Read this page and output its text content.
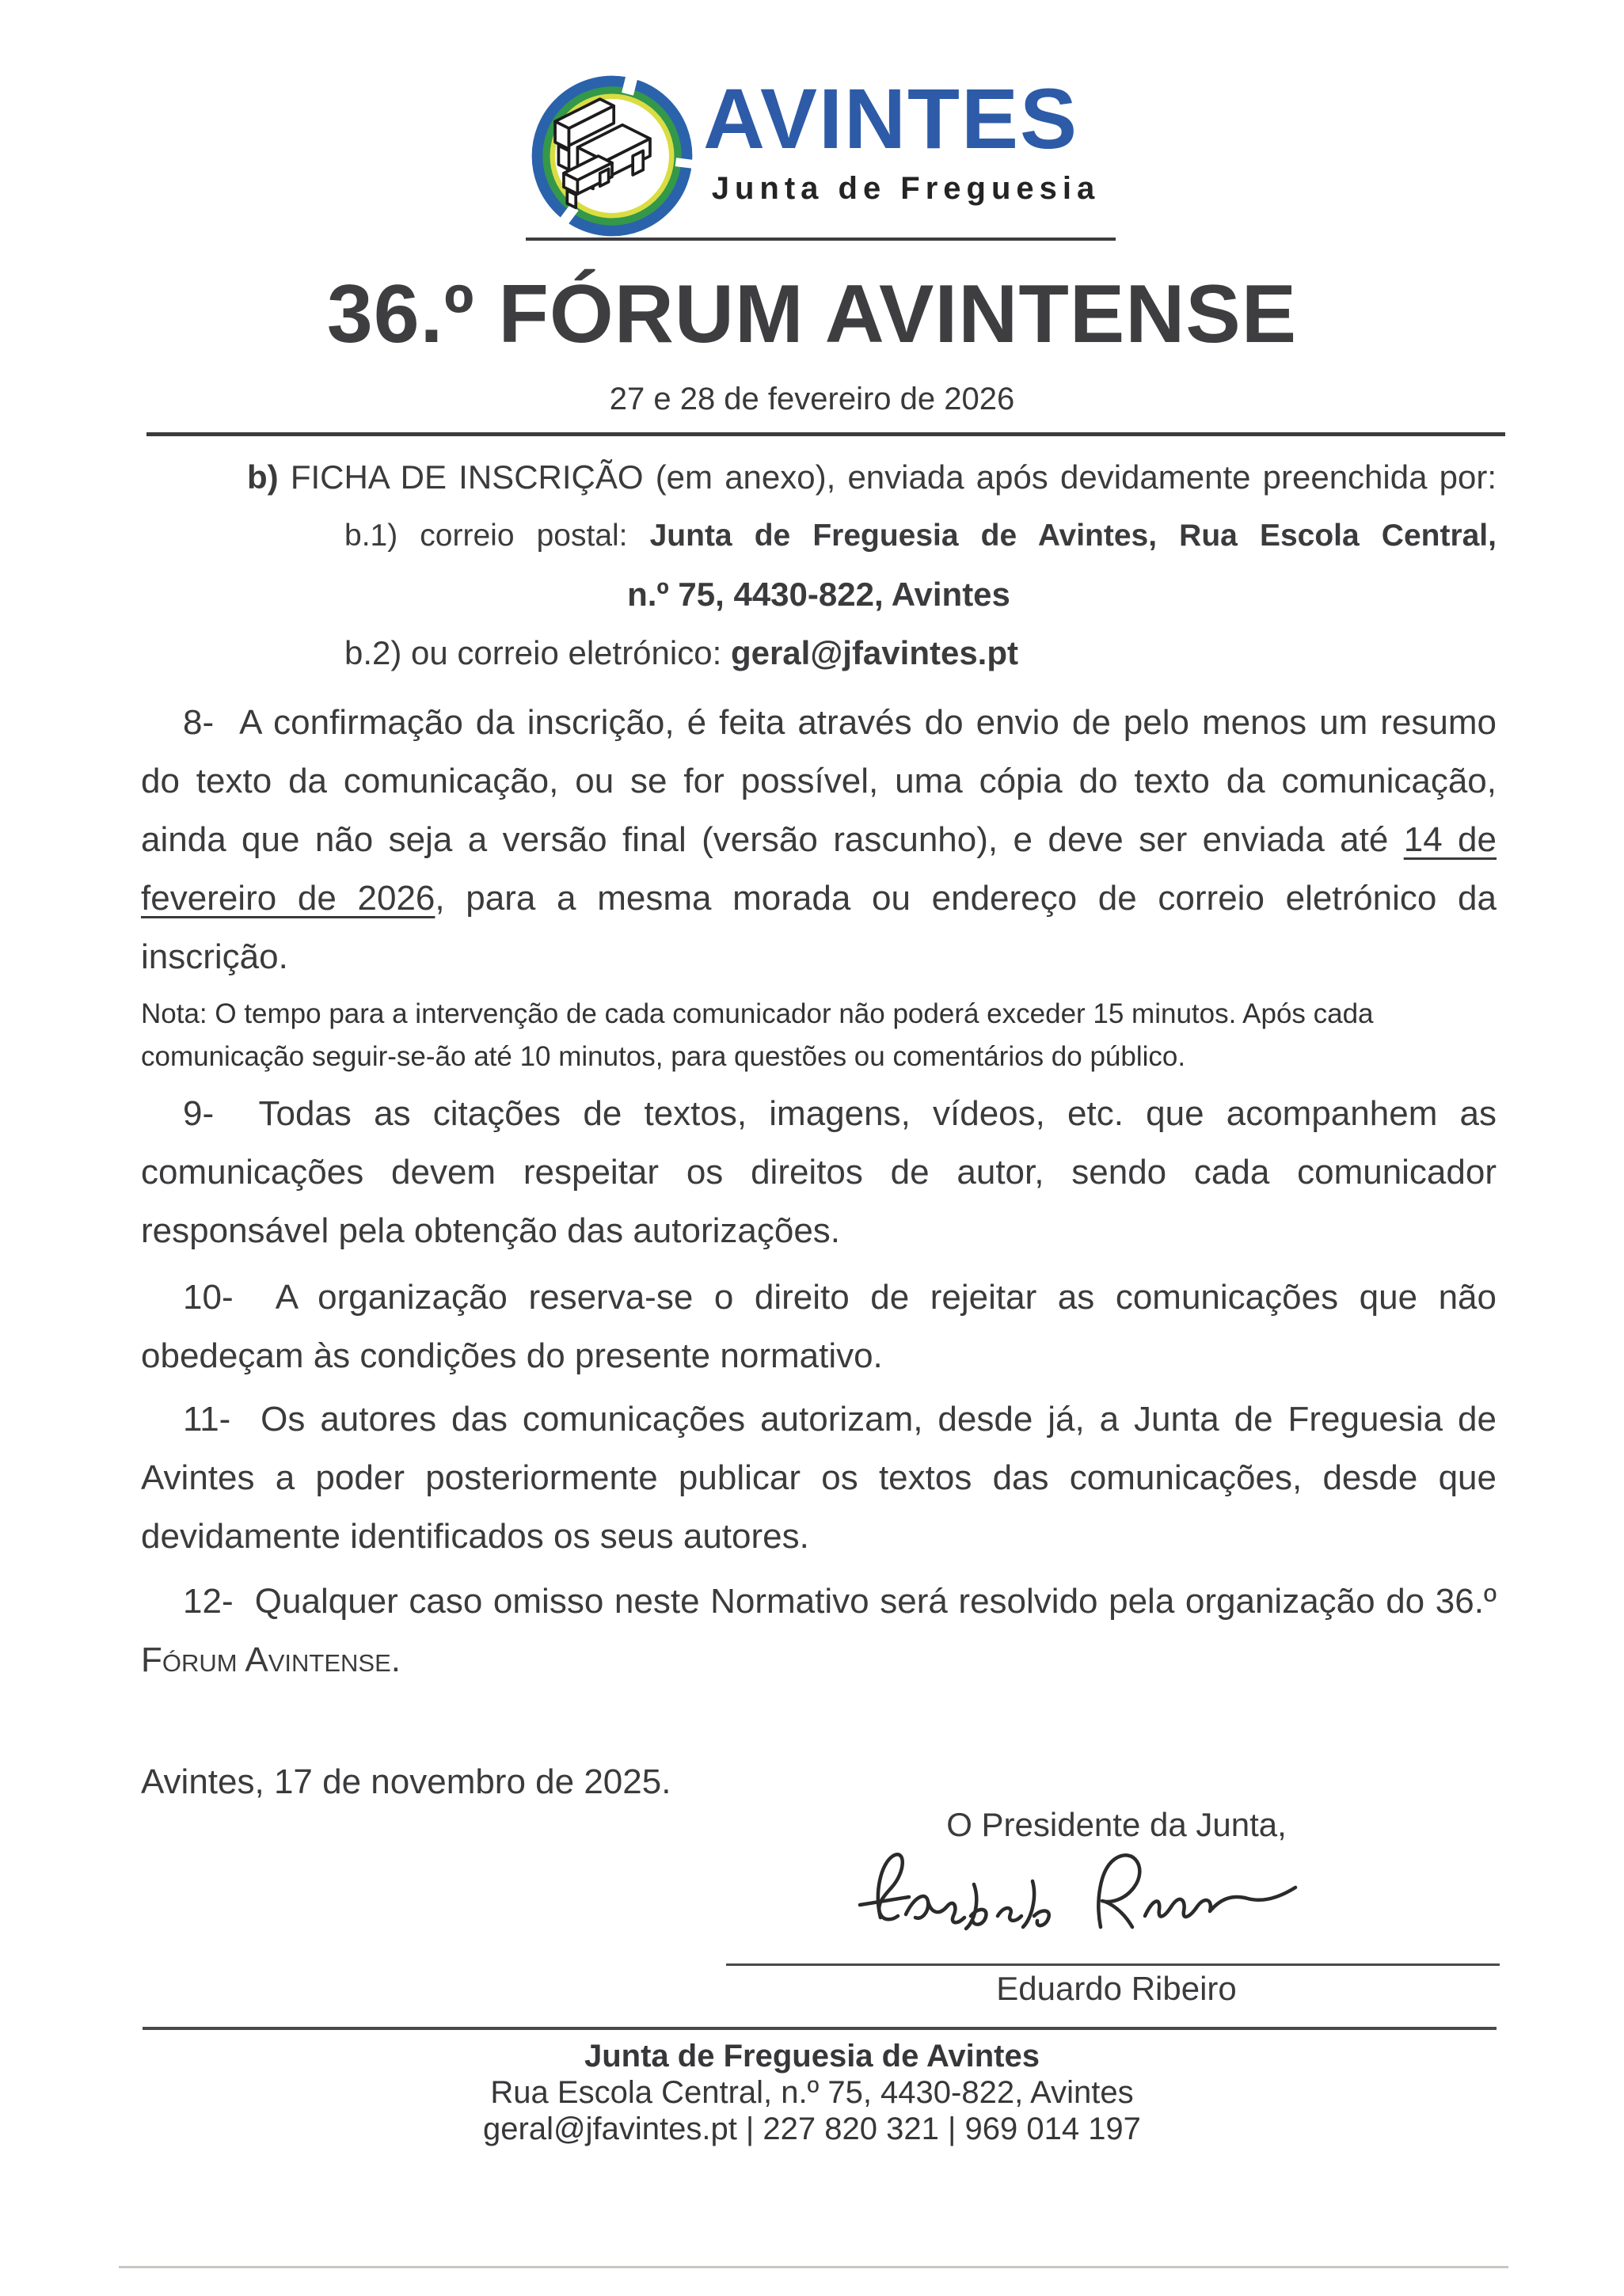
AVINTES
Junta de Freguesia
36.º FÓRUM AVINTENSE
27 e 28 de fevereiro de 2026
b) FICHA DE INSCRIÇÃO (em anexo), enviada após devidamente preenchida por:
b.1) correio postal: Junta de Freguesia de Avintes, Rua Escola Central,
n.º 75, 4430-822, Avintes
b.2) ou correio eletrónico: geral@jfavintes.pt

8-  A confirmação da inscrição, é feita através do envio de pelo menos um resumo do texto da comunicação, ou se for possível, uma cópia do texto da comunicação, ainda que não seja a versão final (versão rascunho), e deve ser enviada até 14 de fevereiro de 2026, para a mesma morada ou endereço de correio eletrónico da inscrição.

Nota: O tempo para a intervenção de cada comunicador não poderá exceder 15 minutos. Após cada comunicação seguir-se-ão até 10 minutos, para questões ou comentários do público.

9-  Todas as citações de textos, imagens, vídeos, etc. que acompanhem as comunicações devem respeitar os direitos de autor, sendo cada comunicador responsável pela obtenção das autorizações.

10-  A organização reserva-se o direito de rejeitar as comunicações que não obedeçam às condições do presente normativo.

11-  Os autores das comunicações autorizam, desde já, a Junta de Freguesia de Avintes a poder posteriormente publicar os textos das comunicações, desde que devidamente identificados os seus autores.

12-  Qualquer caso omisso neste Normativo será resolvido pela organização do 36.º Fórum Avintense.

Avintes, 17 de novembro de 2025.

O Presidente da Junta,
Eduardo Ribeiro
Junta de Freguesia de Avintes
Rua Escola Central, n.º 75, 4430-822, Avintes
geral@jfavintes.pt | 227 820 321 | 969 014 197
